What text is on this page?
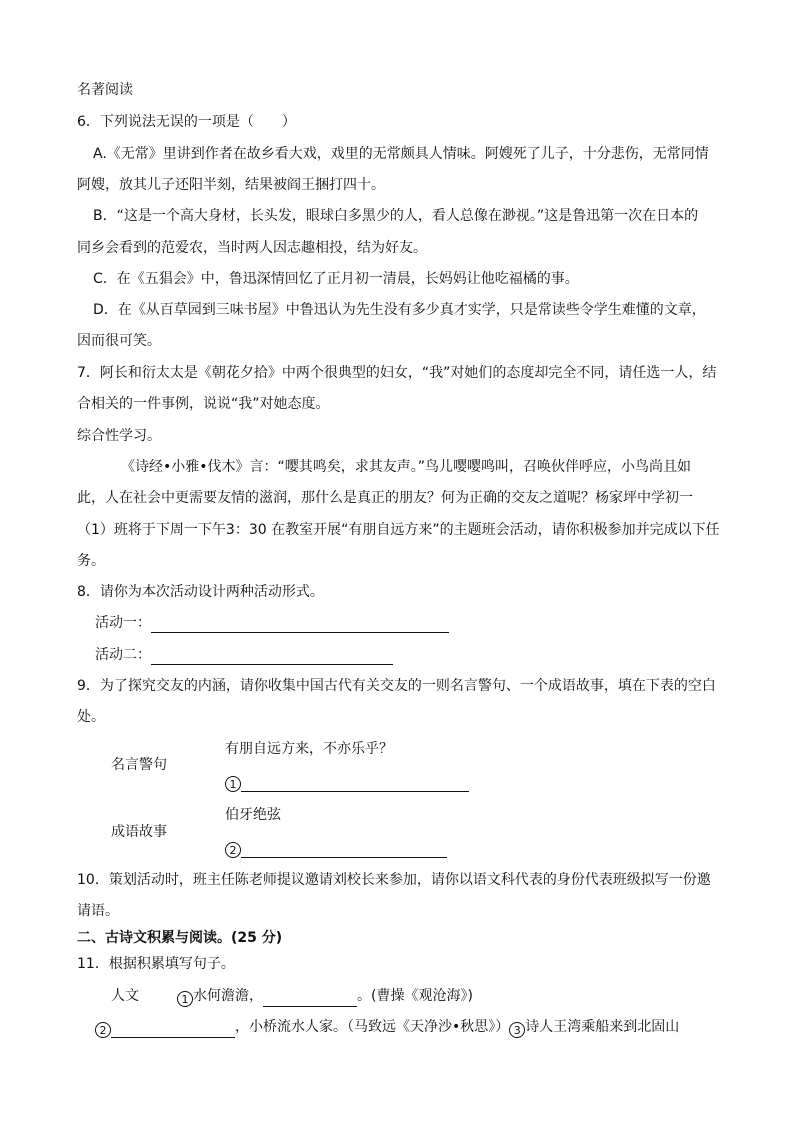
名著阅读
6．下列说法无误的一项是（　　）
A.《无常》里讲到作者在故乡看大戏，戏里的无常颇具人情味。阿嫂死了儿子，十分悲伤，无常同情
阿嫂，放其儿子还阳半刻，结果被阎王捆打四十。
B．“这是一个高大身材，长头发，眼球白多黑少的人，看人总像在渺视。”这是鲁迅第一次在日本的
同乡会看到的范爱农，当时两人因志趣相投，结为好友。
C．在《五猖会》中，鲁迅深情回忆了正月初一清晨，长妈妈让他吃福橘的事。
D．在《从百草园到三味书屋》中鲁迅认为先生没有多少真才实学，只是常读些令学生难懂的文章，
因而很可笑。
7．阿长和衍太太是《朝花夕拾》中两个很典型的妇女，“我”对她们的态度却完全不同，请任选一人，结
合相关的一件事例，说说“我”对她态度。
综合性学习。
《诗经•小雅•伐木》言：“嘤其鸣矣，求其友声。”鸟儿嘤嘤鸣叫，召唤伙伴呼应，小鸟尚且如
此，人在社会中更需要友情的滋润，那什么是真正的朋友？何为正确的交友之道呢？杨家坪中学初一
（1）班将于下周一下午3：30 在教室开展“有朋自远方来”的主题班会活动，请你积极参加并完成以下任
务。
8．请你为本次活动设计两种活动形式。
活动一：
活动二：
9．为了探究交友的内涵，请你收集中国古代有关交友的一则名言警句、一个成语故事，填在下表的空白
处。
名言警句
有朋自远方来，不亦乐乎？
1
成语故事
伯牙绝弦
2
10．策划活动时，班主任陈老师提议邀请刘校长来参加，请你以语文科代表的身份代表班级拟写一份邀
请语。
二、古诗文积累与阅读。(25 分)
11．根据积累填写句子。
人文	1 水何澹澹，	。(曹操《观沧海》)
2	，小桥流水人家。（马致远《天净沙•秋思》） 3 诗人王湾乘船来到北固山
